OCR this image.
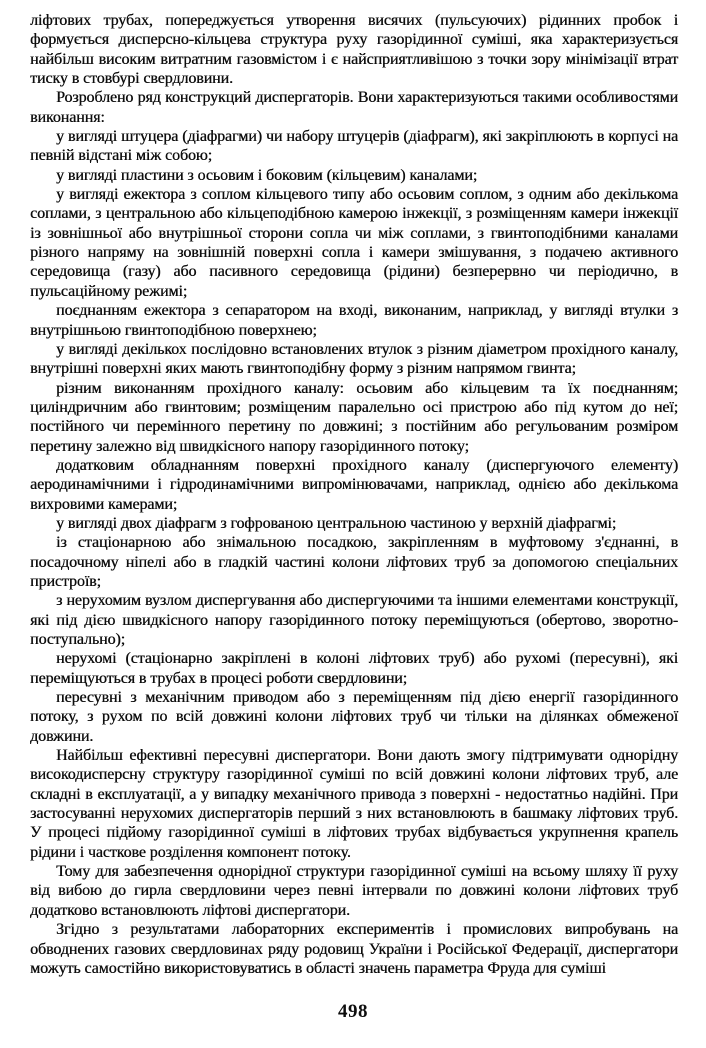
ліфтових трубах, попереджується утворення висячих (пульсуючих) рідинних пробок і формується дисперсно-кільцева структура руху газорідинної суміші, яка характеризується найбільш високим витратним газовмістом і є найсприятливішою з точки зору мінімізації втрат тиску в стовбурі свердловини.

Розроблено ряд конструкций диспергаторів. Вони характеризуються такими особливостями виконання:

у вигляді штуцера (діафрагми) чи набору штуцерів (діафрагм), які закріплюють в корпусі на певній відстані між собою;

у вигляді пластини з осьовим і боковим (кільцевим) каналами;

у вигляді ежектора з соплом кільцевого типу або осьовим соплом, з одним або декількома соплами, з центральною або кільцеподібною камерою інжекції, з розміщенням камери інжекції із зовнішньої або внутрішньої сторони сопла чи між соплами, з гвинтоподібними каналами різного напряму на зовнішній поверхні сопла і камери змішування, з подачею активного середовища (газу) або пасивного середовища (рідини) безперервно чи періодично, в пульсаційному режимі;

поєднанням ежектора з сепаратором на вході, виконаним, наприклад, у вигляді втулки з внутрішньою гвинтоподібною поверхнею;

у вигляді декількох послідовно встановлених втулок з різним діаметром прохідного каналу, внутрішні поверхні яких мають гвинтоподібну форму з різним напрямом гвинта;

різним виконанням прохідного каналу: осьовим або кільцевим та їх поєднанням; циліндричним або гвинтовим; розміщеним паралельно осі пристрою або під кутом до неї; постійного чи перемінного перетину по довжині; з постійним або регульованим розміром перетину залежно від швидкісного напору газорідинного потоку;

додатковим обладнанням поверхні прохідного каналу (диспергуючого елементу) аеродинамічними і гідродинамічними випромінювачами, наприклад, однією або декількома вихровими камерами;

у вигляді двох діафрагм з гофрованою центральною частиною у верхній діафрагмі;

із стаціонарною або знімальною посадкою, закріпленням в муфтовому з'єднанні, в посадочному ніпелі або в гладкій частині колони ліфтових труб за допомогою спеціальних пристроїв;

з нерухомим вузлом диспергування або диспергуючими та іншими елементами конструкції, які під дією швидкісного напору газорідинного потоку переміщуються (обертово, зворотно-поступально);

нерухомі (стаціонарно закріплені в колоні ліфтових труб) або рухомі (пересувні), які переміщуються в трубах в процесі роботи свердловини;

пересувні з механічним приводом або з переміщенням під дією енергії газорідинного потоку, з рухом по всій довжині колони ліфтових труб чи тільки на ділянках обмеженої довжини.

Найбільш ефективні пересувні диспергатори. Вони дають змогу підтримувати однорідну високодисперсну структуру газорідинної суміші по всій довжині колони ліфтових труб, але складні в експлуатації, а у випадку механічного привода з поверхні - недостатньо надійні. При застосуванні нерухомих диспергаторів перший з них встановлюють в башмаку ліфтових труб. У процесі підйому газорідинної суміші в ліфтових трубах відбувається укрупнення крапель рідини і часткове розділення компонент потоку.

Тому для забезпечення однорідної структури газорідинної суміші на всьому шляху її руху від вибою до гирла свердловини через певні інтервали по довжині колони ліфтових труб додатково встановлюють ліфтові диспергатори.

Згідно з результатами лабораторних експериментів і промислових випробувань на обводнених газових свердловинах ряду родовищ України і Російської Федерації, диспергатори можуть самостійно використовуватись в області значень параметра Фруда для суміші

498
